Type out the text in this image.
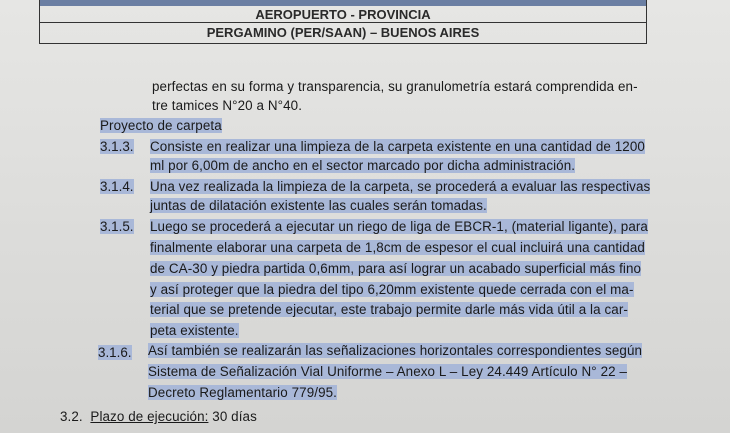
AEROPUERTO - PROVINCIA
PERGAMINO (PER/SAAN) – BUENOS AIRES
perfectas en su forma y transparencia, su granulometría estará comprendida en-
tre tamices N°20 a N°40.
Proyecto de carpeta
3.1.3. Consiste en realizar una limpieza de la carpeta existente en una cantidad de 1200
ml por 6,00m de ancho en el sector marcado por dicha administración.
3.1.4. Una vez realizada la limpieza de la carpeta, se procederá a evaluar las respectivas
juntas de dilatación existente las cuales serán tomadas.
3.1.5. Luego se procederá a ejecutar un riego de liga de EBCR-1, (material ligante), para
finalmente elaborar una carpeta de 1,8cm de espesor el cual incluirá una cantidad
de CA-30 y piedra partida 0,6mm, para así lograr un acabado superficial más fino
y así proteger que la piedra del tipo 6,20mm existente quede cerrada con el ma-
terial que se pretende ejecutar, este trabajo permite darle más vida útil a la car-
peta existente.
3.1.6. Así también se realizarán las señalizaciones horizontales correspondientes según
Sistema de Señalización Vial Uniforme – Anexo L – Ley 24.449 Artículo N° 22 –
Decreto Reglamentario 779/95.
3.2. Plazo de ejecución: 30 días
